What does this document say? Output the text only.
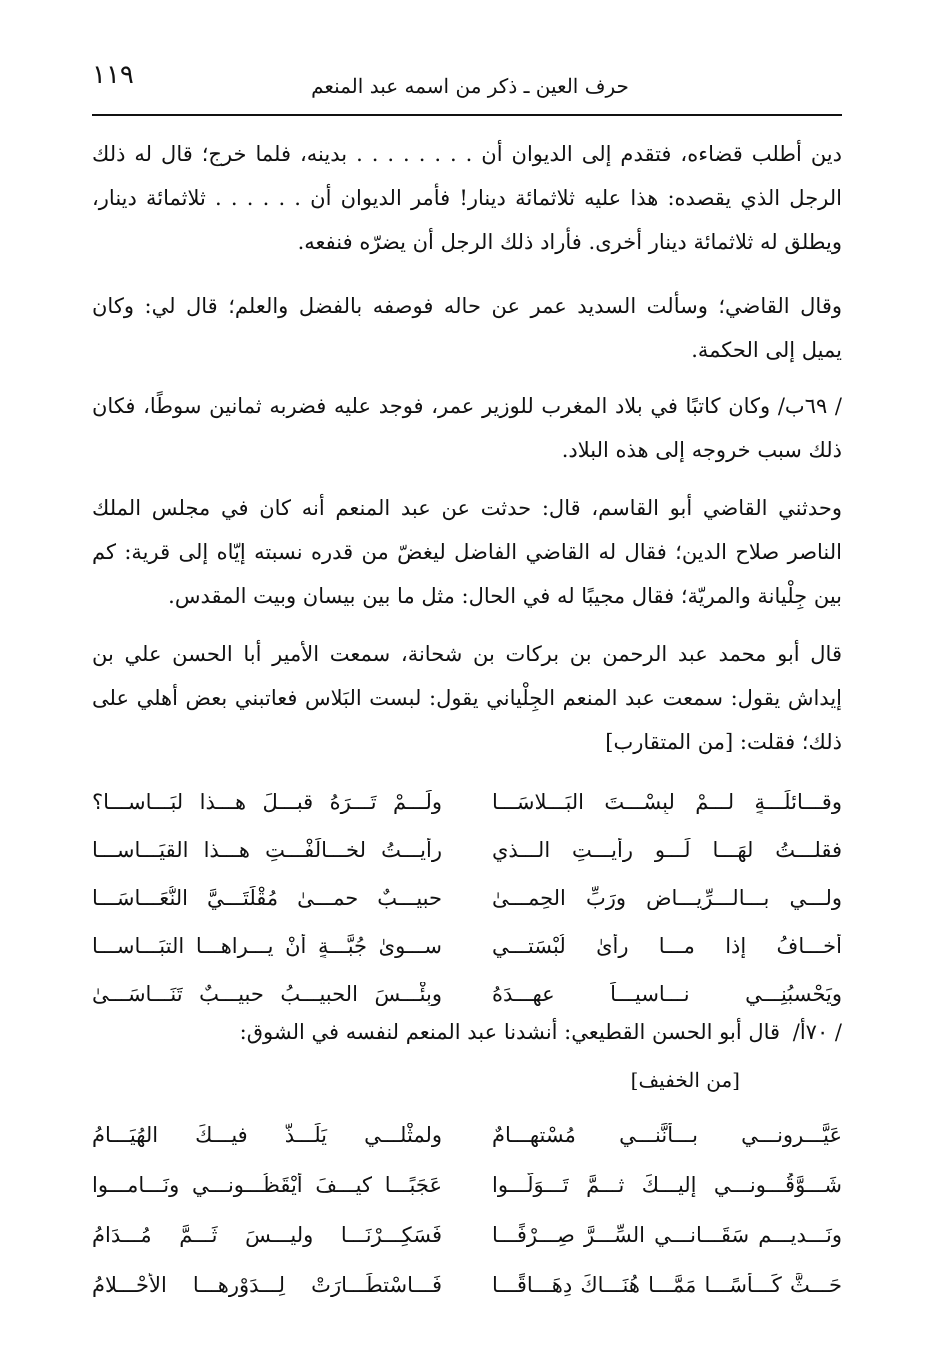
١١٩	حرف العين ـ ذكر من اسمه عبد المنعم

دين أطلب قضاءه، فتقدم إلى الديوان أن . . . . . . . . بدينه، فلما خرج؛ قال له ذلك الرجل الذي يقصده: هذا عليه ثلاثمائة دينار! فأمر الديوان أن . . . . . . ثلاثمائة دينار، ويطلق له ثلاثمائة دينار أخرى. فأراد ذلك الرجل أن يضرّه فنفعه.

وقال القاضي؛ وسألت السديد عمر عن حاله فوصفه بالفضل والعلم؛ قال لي: وكان يميل إلى الحكمة.

/ ٦٩ب/ وكان كاتبًا في بلاد المغرب للوزير عمر، فوجد عليه فضربه ثمانين سوطًا، فكان ذلك سبب خروجه إلى هذه البلاد.

وحدثني القاضي أبو القاسم، قال: حدثت عن عبد المنعم أنه كان في مجلس الملك الناصر صلاح الدين؛ فقال له القاضي الفاضل ليغضّ من قدره نسبته إيّاه إلى قرية: كم بين جِلْيانة والمريّة؛ فقال مجيبًا له في الحال: مثل ما بين بيسان وبيت المقدس.

قال أبو محمد عبد الرحمن بن بركات بن شحانة، سمعت الأمير أبا الحسن علي بن إيداش يقول: سمعت عبد المنعم الجِلْياني يقول: لبست البَلاس فعاتبني بعض أهلي على ذلك؛ فقلت: [من المتقارب]

وقـــائلَـــةٍ لـــمْ لبِسْـــتَ البَـــلاسَـــا
ولَـــمْ تَـــرَهُ قبـــلَ هـــذا لبَـــاســـا؟
فقلـــتُ لهَـــا لَـــو رأيـــتِ الـــذي
رأيـــتُ لخـــالَفْـــتِ هـــذا القيَـــاســـا
ولـــي بـــالـــرِّيـــاضِ ورَبِّ الحِمـــىٰ
حبيـــبٌ حمـــىٰ مُقْلَتَـــيَّ النُّعَـــاسَـــا
أخـــافُ إذا مـــا رأىٰ لُبْسَتـــي
ســـوىٰ جُبَّـــةٍ أنْ يـــراهـــا التبَـــاســـا
ويَحْسبُنِـــي نـــاسيـــاً عهـــدَهُ
وبِئْـــسَ الحبيـــبُ حبيـــبٌ تَنَـــاسَـــىٰ

/ ٧٠أ/ قال أبو الحسن القطيعي: أنشدنا عبد المنعم لنفسه في الشوق:

[من الخفيف]
عَيَّـــرونـــي بـــأنَّنـــي مُسْتهـــامٌ
ولمثْلـــي يَلَـــذُّ فيـــكَ الهُيَـــامُ
شَـــوَّقُـــونـــي إليـــكَ ثـــمَّ تَـــوَلَّـــوا
عَجَبًـــا كيـــفَ أيْقَظُـــونـــي ونَـــامـــوا
ونَـــديـــمٍ سَقَـــانـــي السِّـــرَّ صِـــرْفًـــا
فَسَكِـــرْنَـــا وليـــسَ ثَـــمَّ مُـــدَامُ
حَـــثَّ كَـــأْسًـــا مَمَّـــا هُنَـــاكَ دِهَـــاقًـــا
فَـــاسْتطَـــارَتْ لِـــدَوْرِهـــا الأحْـــلامُ
